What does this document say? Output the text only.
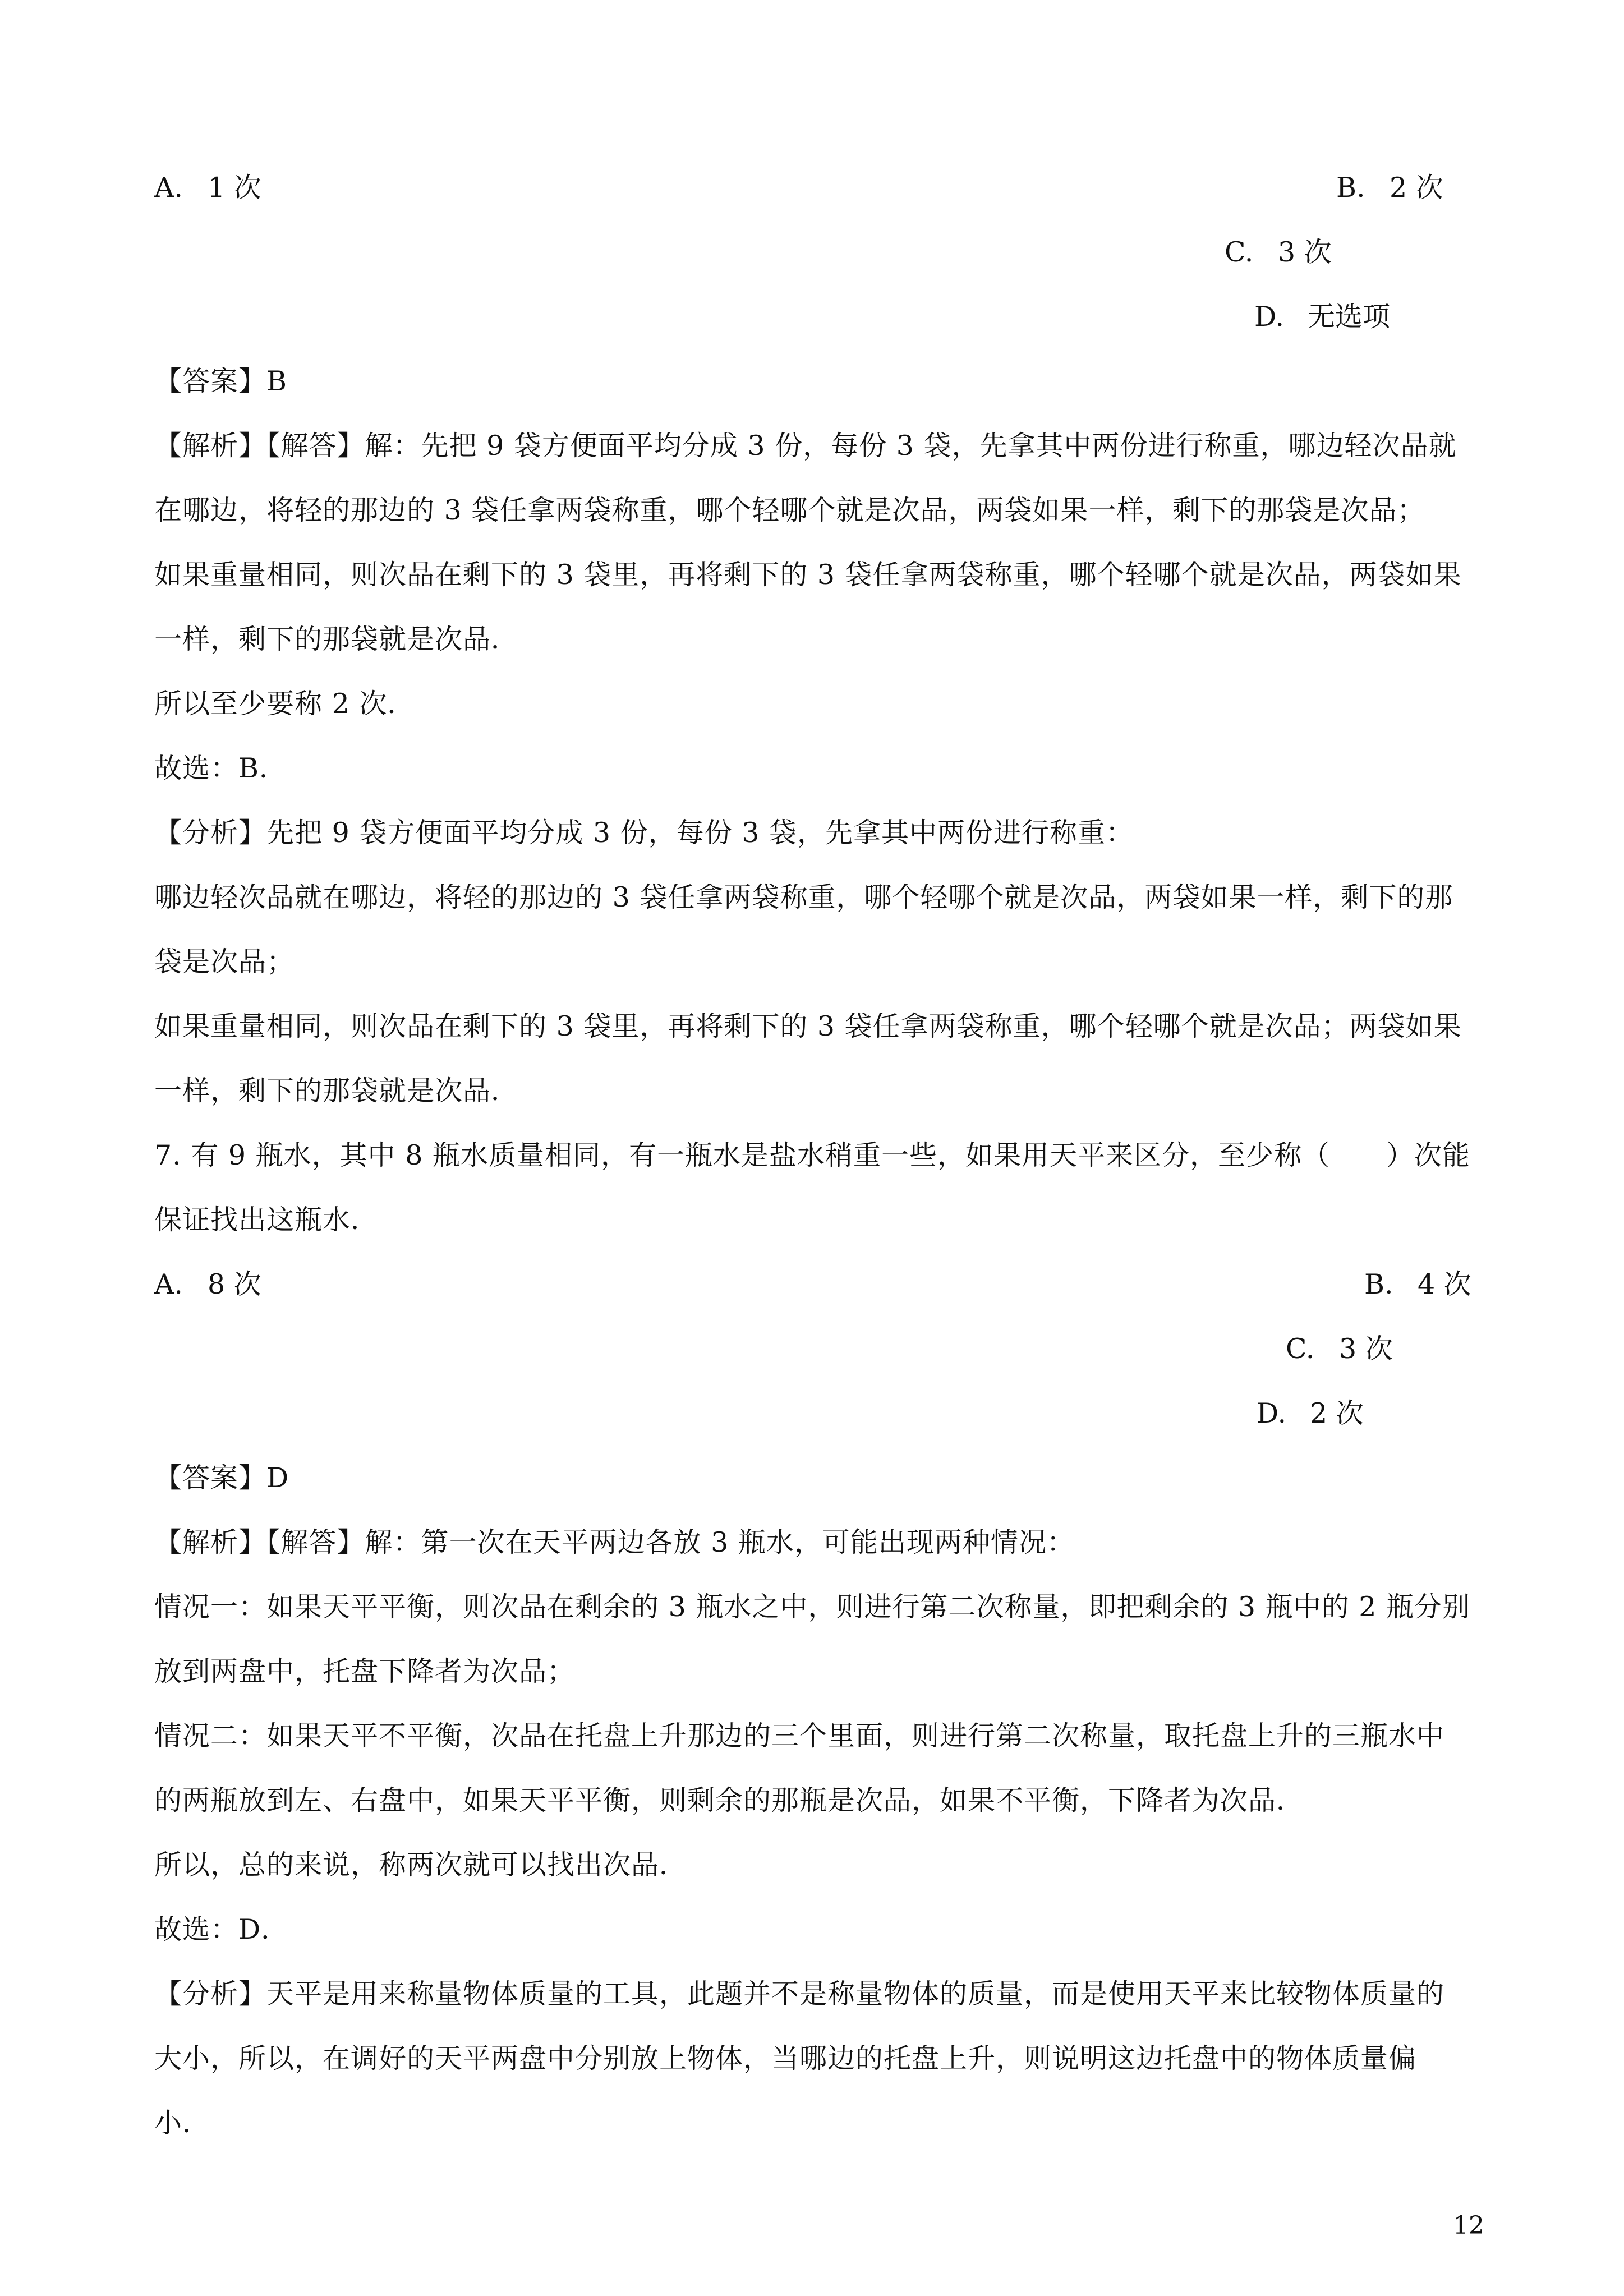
A. 1 次	B. 2 次
C. 3 次
D. 无选项
【答案】B
【解析】【解答】解：先把 9 袋方便面平均分成 3 份，每份 3 袋，先拿其中两份进行称重，哪边轻次品就
在哪边，将轻的那边的 3 袋任拿两袋称重，哪个轻哪个就是次品，两袋如果一样，剩下的那袋是次品；
如果重量相同，则次品在剩下的 3 袋里，再将剩下的 3 袋任拿两袋称重，哪个轻哪个就是次品，两袋如果
一样，剩下的那袋就是次品．
所以至少要称 2 次．
故选：B．
【分析】先把 9 袋方便面平均分成 3 份，每份 3 袋，先拿其中两份进行称重：
哪边轻次品就在哪边，将轻的那边的 3 袋任拿两袋称重，哪个轻哪个就是次品，两袋如果一样，剩下的那
袋是次品；
如果重量相同，则次品在剩下的 3 袋里，再将剩下的 3 袋任拿两袋称重，哪个轻哪个就是次品；两袋如果
一样，剩下的那袋就是次品．
7. 有 9 瓶水，其中 8 瓶水质量相同，有一瓶水是盐水稍重一些，如果用天平来区分，至少称（　　）次能
保证找出这瓶水．
A. 8 次	B. 4 次
C. 3 次
D. 2 次
【答案】D
【解析】【解答】解：第一次在天平两边各放 3 瓶水，可能出现两种情况：
情况一：如果天平平衡，则次品在剩余的 3 瓶水之中，则进行第二次称量，即把剩余的 3 瓶中的 2 瓶分别
放到两盘中，托盘下降者为次品；
情况二：如果天平不平衡，次品在托盘上升那边的三个里面，则进行第二次称量，取托盘上升的三瓶水中
的两瓶放到左、右盘中，如果天平平衡，则剩余的那瓶是次品，如果不平衡，下降者为次品．
所以，总的来说，称两次就可以找出次品．
故选：D．
【分析】天平是用来称量物体质量的工具，此题并不是称量物体的质量，而是使用天平来比较物体质量的
大小，所以，在调好的天平两盘中分别放上物体，当哪边的托盘上升，则说明这边托盘中的物体质量偏
小．
12
